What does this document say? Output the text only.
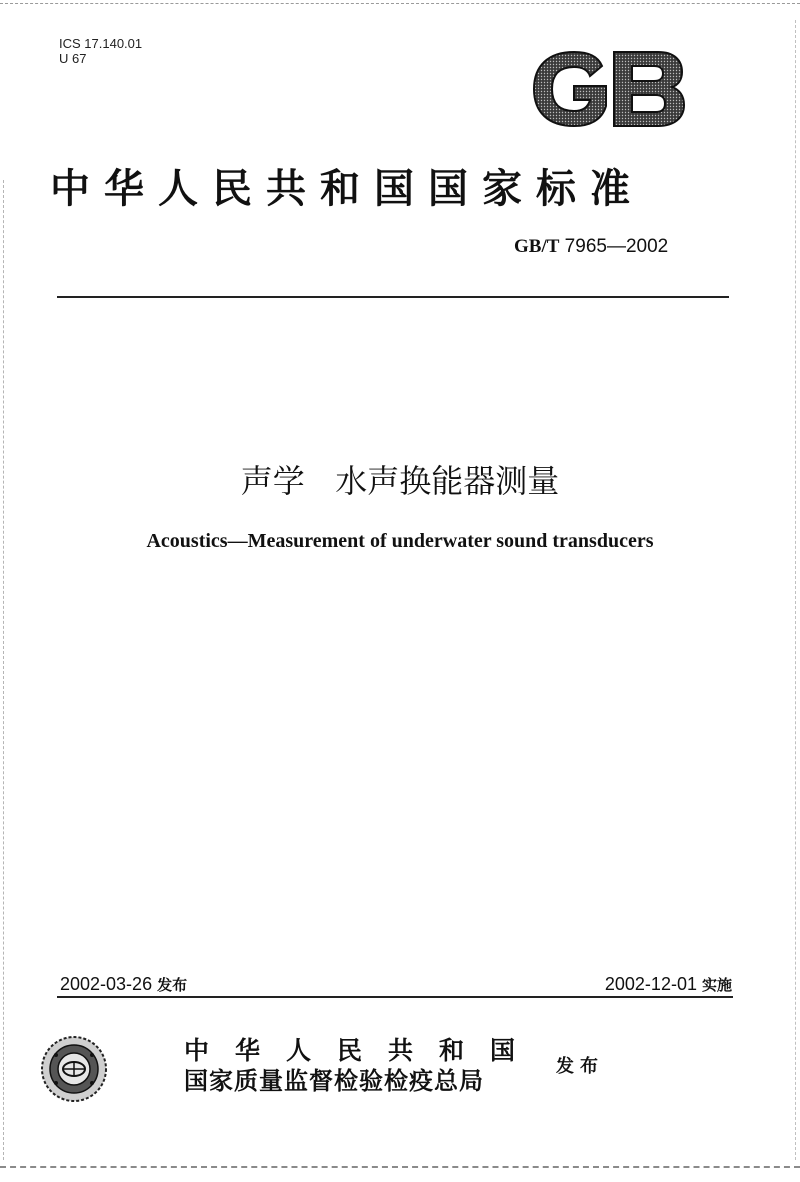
ICS 17.140.01
U 67
中华人民共和国国家标准
GB/T 7965—2002
声学   水声换能器测量
Acoustics—Measurement of underwater sound transducers
2002-03-26 发布	2002-12-01 实施
中华人民共和国
国家质量监督检验检疫总局	发布
